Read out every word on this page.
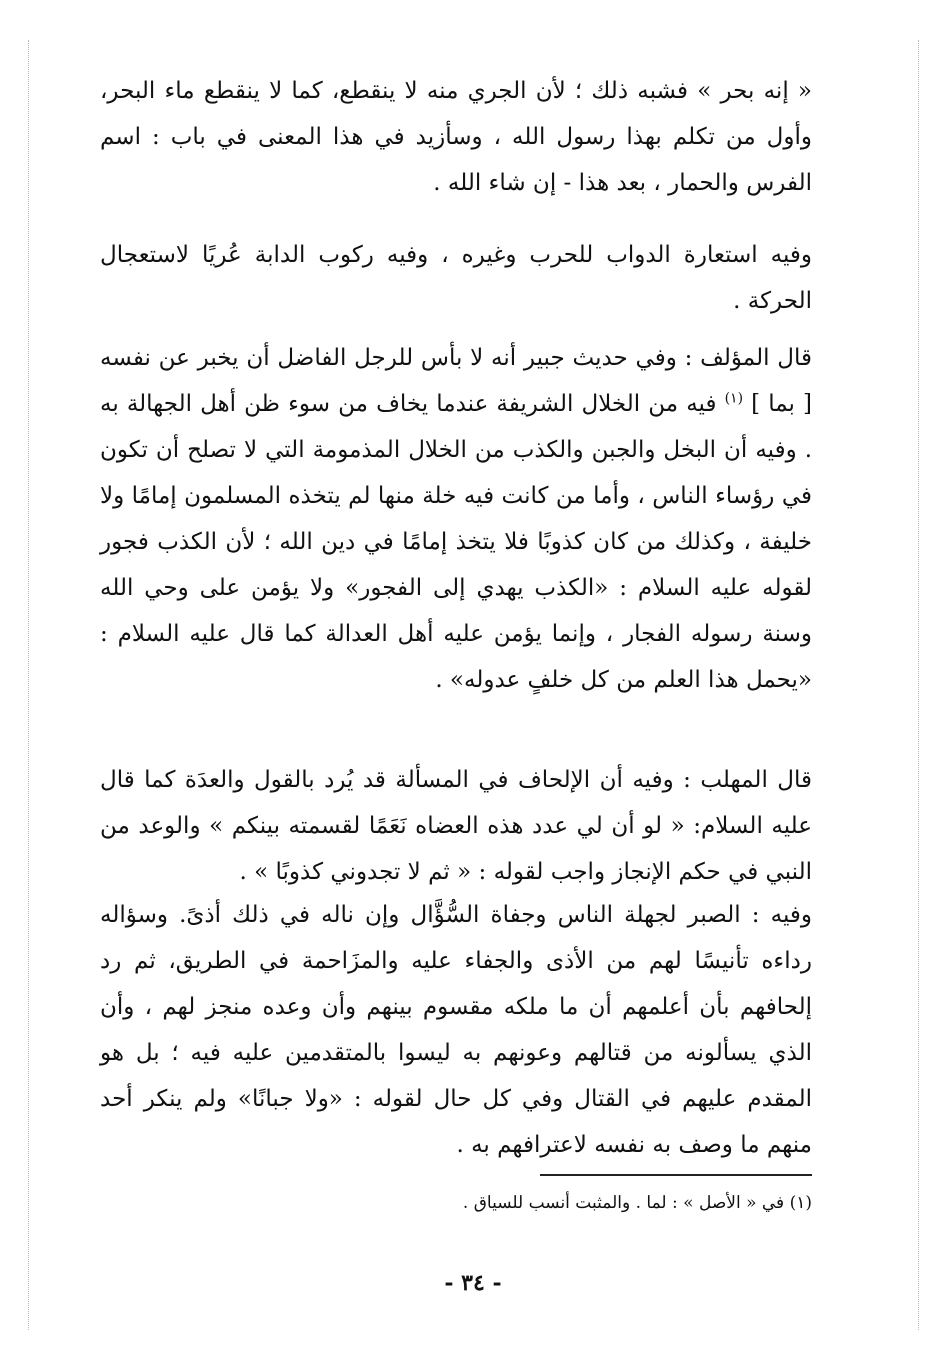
« إنه بحر » فشبه ذلك ؛ لأن الجري منه لا ينقطع، كما لا ينقطع ماء البحر، وأول من تكلم بهذا رسول الله ، وسأزيد في هذا المعنى في باب : اسم الفرس والحمار ، بعد هذا - إن شاء الله .

وفيه استعارة الدواب للحرب وغيره ، وفيه ركوب الدابة عُريًا لاستعجال الحركة .

قال المؤلف : وفي حديث جبير أنه لا بأس للرجل الفاضل أن يخبر عن نفسه [ بما ] $^{(١)}$ فيه من الخلال الشريفة عندما يخاف من سوء ظن أهل الجهالة به . وفيه أن البخل والجبن والكذب من الخلال المذمومة التي لا تصلح أن تكون في رؤساء الناس ، وأما من كانت فيه خلة منها لم يتخذه المسلمون إمامًا ولا خليفة ، وكذلك من كان كذوبًا فلا يتخذ إمامًا في دين الله ؛ لأن الكذب فجور لقوله عليه السلام : «الكذب يهدي إلى الفجور» ولا يؤمن على وحي الله وسنة رسوله الفجار ، وإنما يؤمن عليه أهل العدالة كما قال عليه السلام : «يحمل هذا العلم من كل خلفٍ عدوله» .

قال المهلب : وفيه أن الإلحاف في المسألة قد يُرد بالقول والعدَة كما قال عليه السلام: « لو أن لي عدد هذه العضاه نَعَمًا لقسمته بينكم » والوعد من النبي في حكم الإنجاز واجب لقوله : « ثم لا تجدوني كذوبًا » .

وفيه : الصبر لجهلة الناس وجفاة السُّؤَّال وإن ناله في ذلك أذىً. وسؤاله رداءه تأنيسًا لهم من الأذى والجفاء عليه والمزَاحمة في الطريق، ثم رد إلحافهم بأن أعلمهم أن ما ملكه مقسوم بينهم وأن وعده منجز لهم ، وأن الذي يسألونه من قتالهم وعونهم به ليسوا بالمتقدمين عليه فيه ؛ بل هو المقدم عليهم في القتال وفي كل حال لقوله : «ولا جبانًا» ولم ينكر أحد منهم ما وصف به نفسه لاعترافهم به .

(١) في « الأصل » : لما . والمثبت أنسب للسياق .
- ٣٤ -
